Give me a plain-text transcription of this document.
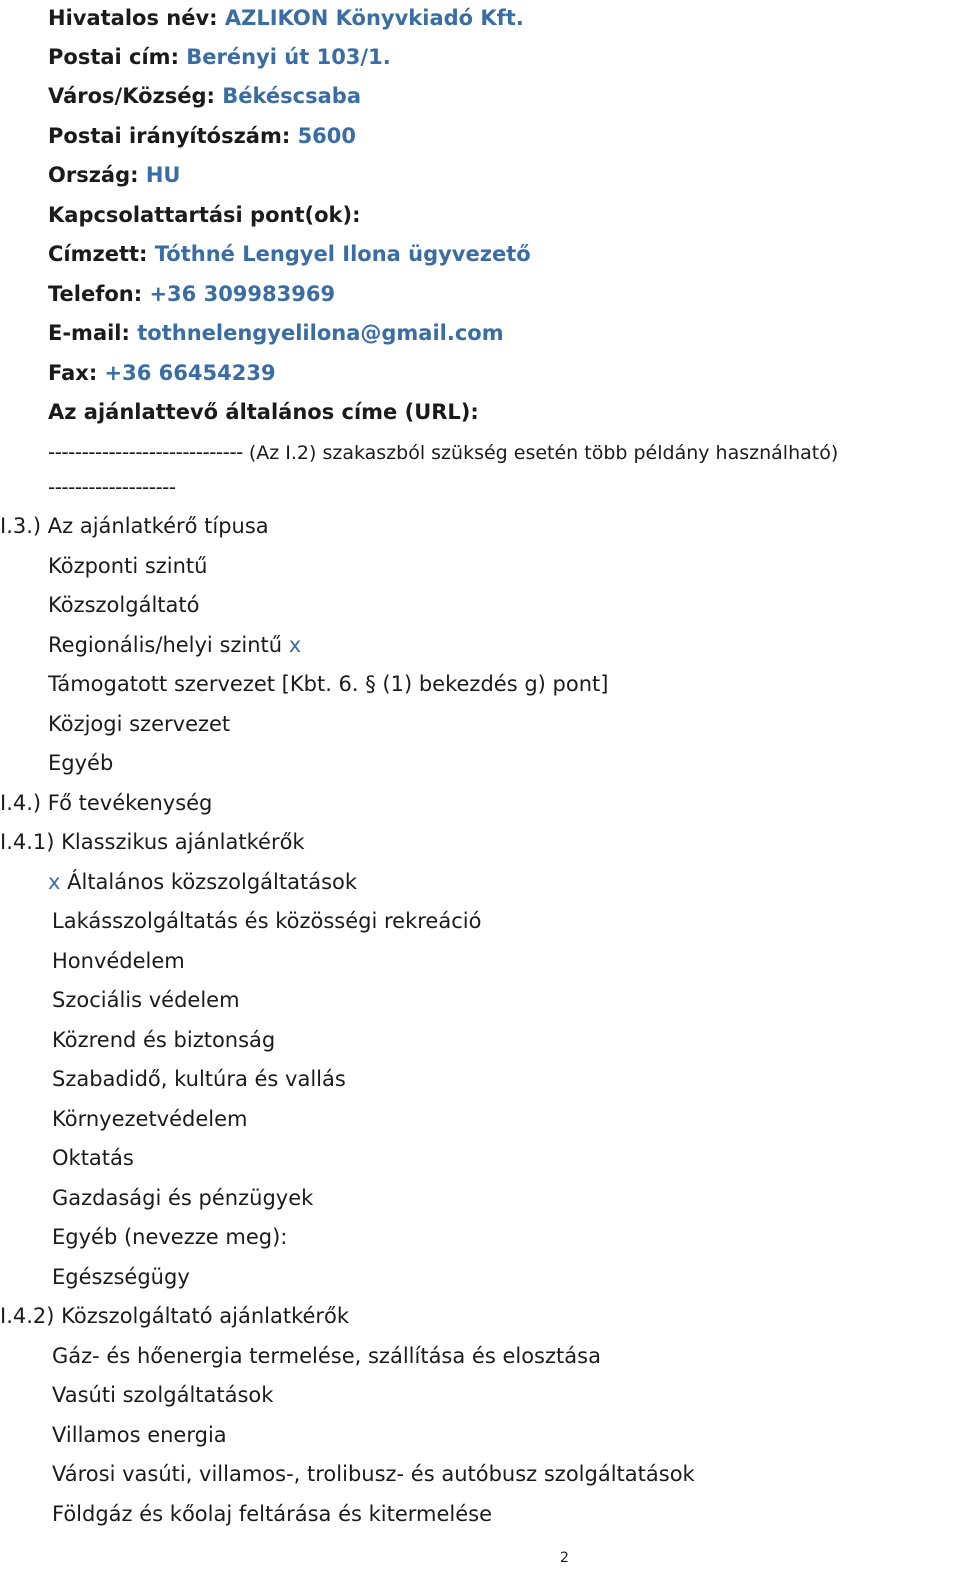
Hivatalos név: AZLIKON Könyvkiadó Kft.
Postai cím: Berényi út 103/1.
Város/Község: Békéscsaba
Postai irányítószám: 5600
Ország: HU
Kapcsolattartási pont(ok):
Címzett: Tóthné Lengyel Ilona ügyvezető
Telefon: +36 309983969
E-mail: tothnelengyelilona@gmail.com
Fax: +36 66454239
Az ajánlattevő általános címe (URL):
----------------------------- (Az I.2) szakaszból szükség esetén több példány használható)
-------------------
I.3.) Az ajánlatkérő típusa
Központi szintű
Közszolgáltató
Regionális/helyi szintű x
Támogatott szervezet [Kbt. 6. § (1) bekezdés g) pont]
Közjogi szervezet
Egyéb
I.4.) Fő tevékenység
I.4.1) Klasszikus ajánlatkérők
x Általános közszolgáltatások
Lakásszolgáltatás és közösségi rekreáció
Honvédelem
Szociális védelem
Közrend és biztonság
Szabadidő, kultúra és vallás
Környezetvédelem
Oktatás
Gazdasági és pénzügyek
Egyéb (nevezze meg):
Egészségügy
I.4.2) Közszolgáltató ajánlatkérők
Gáz- és hőenergia termelése, szállítása és elosztása
Vasúti szolgáltatások
Villamos energia
Városi vasúti, villamos-, trolibusz- és autóbusz szolgáltatások
Földgáz és kőolaj feltárása és kitermelése
2
